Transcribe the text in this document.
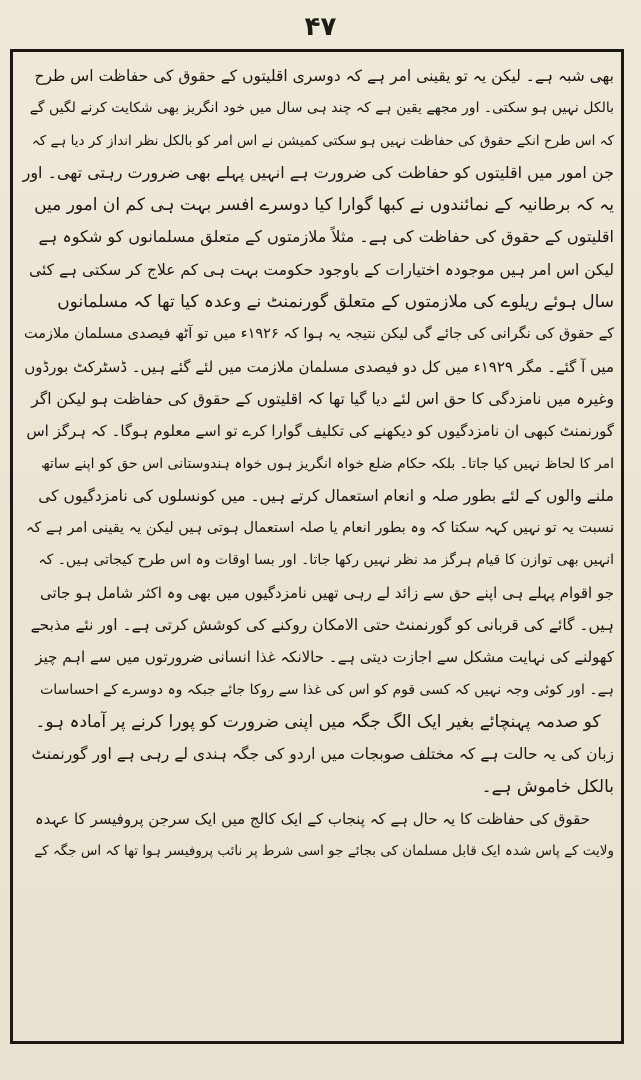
۴۷
بھی شبہ ہے۔ لیکن یہ تو یقینی امر ہے کہ دوسری اقلیتوں کے حقوق کی حفاظت اس طرح
بالکل نہیں ہو سکتی۔ اور مجھے یقین ہے کہ چند ہی سال میں خود انگریز بھی شکایت کرنے لگیں گے
کہ اس طرح انکے حقوق کی حفاظت نہیں ہو سکتی کمیشن نے اس امر کو بالکل نظر انداز کر دیا ہے کہ
جن امور میں اقلیتوں کو حفاظت کی ضرورت ہے انہیں پہلے بھی ضرورت رہتی تھی۔ اور
یہ کہ برطانیہ کے نمائندوں نے کبھا گوارا کیا دوسرے افسر بہت ہی کم ان امور میں
اقلیتوں کے حقوق کی حفاظت کی ہے۔ مثلاً ملازمتوں کے متعلق مسلمانوں کو شکوہ ہے
لیکن اس امر ہیں موجودہ اختیارات کے باوجود حکومت بہت ہی کم علاج کر سکتی ہے کئی
سال ہوئے ریلوے کی ملازمتوں کے متعلق گورنمنٹ نے وعدہ کیا تھا کہ مسلمانوں
کے حقوق کی نگرانی کی جائے گی لیکن نتیجہ یہ ہوا کہ ۱۹۲۶ء میں تو آٹھ فیصدی مسلمان ملازمت
میں آ گئے۔ مگر ۱۹۲۹ء میں کل دو فیصدی مسلمان ملازمت میں لئے گئے ہیں۔ ڈسٹرکٹ بورڈوں
وغیرہ میں نامزدگی کا حق اس لئے دیا گیا تھا کہ اقلیتوں کے حقوق کی حفاظت ہو لیکن اگر
گورنمنٹ کبھی ان نامزدگیوں کو دیکھنے کی تکلیف گوارا کرے تو اسے معلوم ہوگا۔ کہ ہرگز اس
امر کا لحاظ نہیں کیا جاتا۔ بلکہ حکام ضلع خواہ انگریز ہوں خواہ ہندوستانی اس حق کو اپنے ساتھ
ملنے والوں کے لئے بطور صلہ و انعام استعمال کرتے ہیں۔ میں کونسلوں کی نامزدگیوں کی
نسبت یہ تو نہیں کہہ سکتا کہ وہ بطور انعام یا صلہ استعمال ہوتی ہیں لیکن یہ یقینی امر ہے کہ
انہیں بھی توازن کا قیام ہرگز مد نظر نہیں رکھا جاتا۔ اور بسا اوقات وہ اس طرح کیجاتی ہیں۔ کہ
جو اقوام پہلے ہی اپنے حق سے زائد لے رہی تھیں نامزدگیوں میں بھی وہ اکثر شامل ہو جاتی
ہیں۔ گائے کی قربانی کو گورنمنٹ حتی الامکان روکنے کی کوشش کرتی ہے۔ اور نئے مذبحے
کھولنے کی نہایت مشکل سے اجازت دیتی ہے۔ حالانکہ غذا انسانی ضرورتوں میں سے اہم چیز
ہے۔ اور کوئی وجہ نہیں کہ کسی قوم کو اس کی غذا سے روکا جائے جبکہ وہ دوسرے کے احساسات
کو صدمہ پہنچائے بغیر ایک الگ جگہ میں اپنی ضرورت کو پورا کرنے پر آمادہ ہو۔
زبان کی یہ حالت ہے کہ مختلف صوبجات میں اردو کی جگہ ہندی لے رہی ہے اور گورنمنٹ
بالکل خاموش ہے۔
حقوق کی حفاظت کا یہ حال ہے کہ پنجاب کے ایک کالج میں ایک سرجن پروفیسر کا عہدہ
ولایت کے پاس شدہ ایک قابل مسلمان کی بجائے جو اسی شرط پر نائب پروفیسر ہوا تھا کہ اس جگہ کے
